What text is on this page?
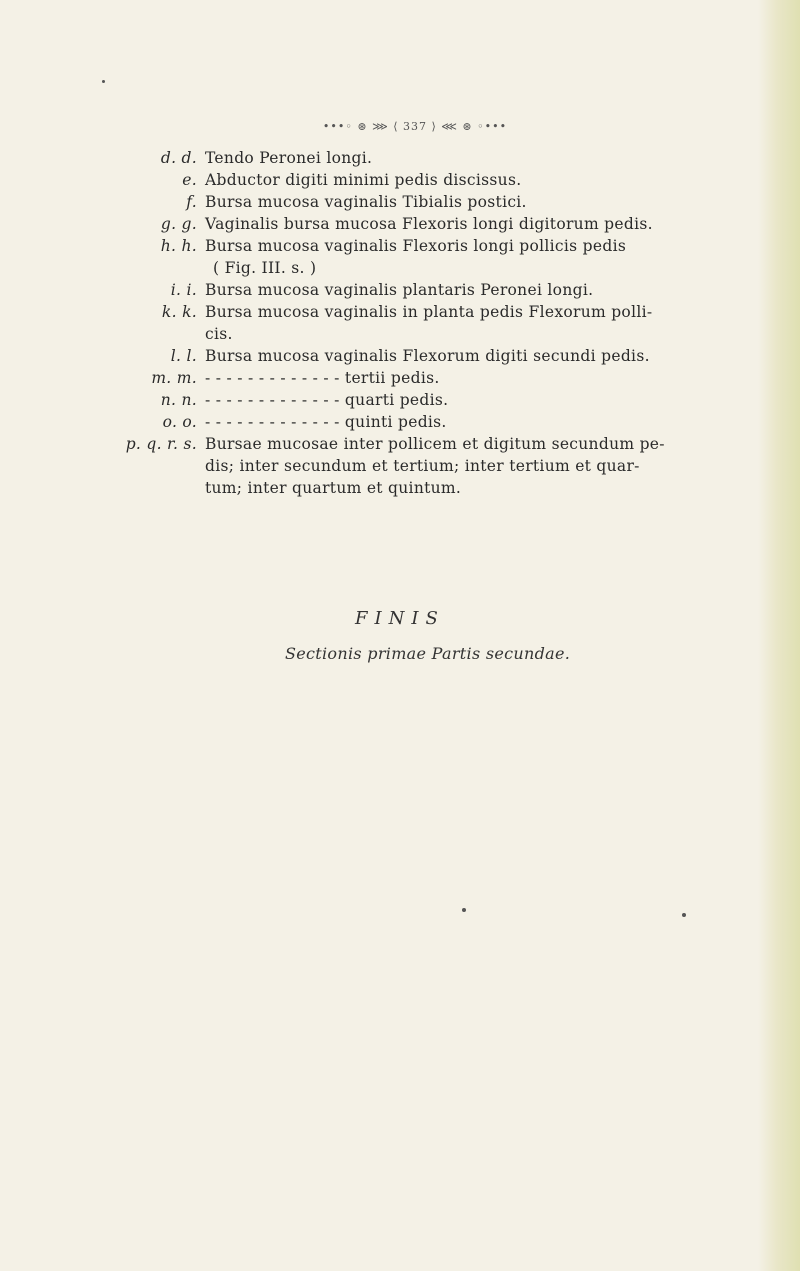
•••◦ ⊛ ⋙ ⟨ 337 ⟩ ⋘ ⊛ ◦•••
d. d. Tendo Peronei longi.
e. Abductor digiti minimi pedis discissus.
f. Bursa mucosa vaginalis Tibialis postici.
g. g. Vaginalis bursa mucosa Flexoris longi digitorum pedis.
h. h. Bursa mucosa vaginalis Flexoris longi pollicis pedis
( Fig. III. s. )
i. i. Bursa mucosa vaginalis plantaris Peronei longi.
k. k. Bursa mucosa vaginalis in planta pedis Flexorum polli-
cis.
l. l. Bursa mucosa vaginalis Flexorum digiti secundi pedis.
m. m. - - - - - - - - - - - - - tertii pedis.
n. n. - - - - - - - - - - - - - quarti pedis.
o. o. - - - - - - - - - - - - - quinti pedis.
p. q. r. s. Bursae mucosae inter pollicem et digitum secundum pe-
dis; inter secundum et tertium; inter tertium et quar-
tum; inter quartum et quintum.
FINIS
Sectionis primae Partis secundae.
